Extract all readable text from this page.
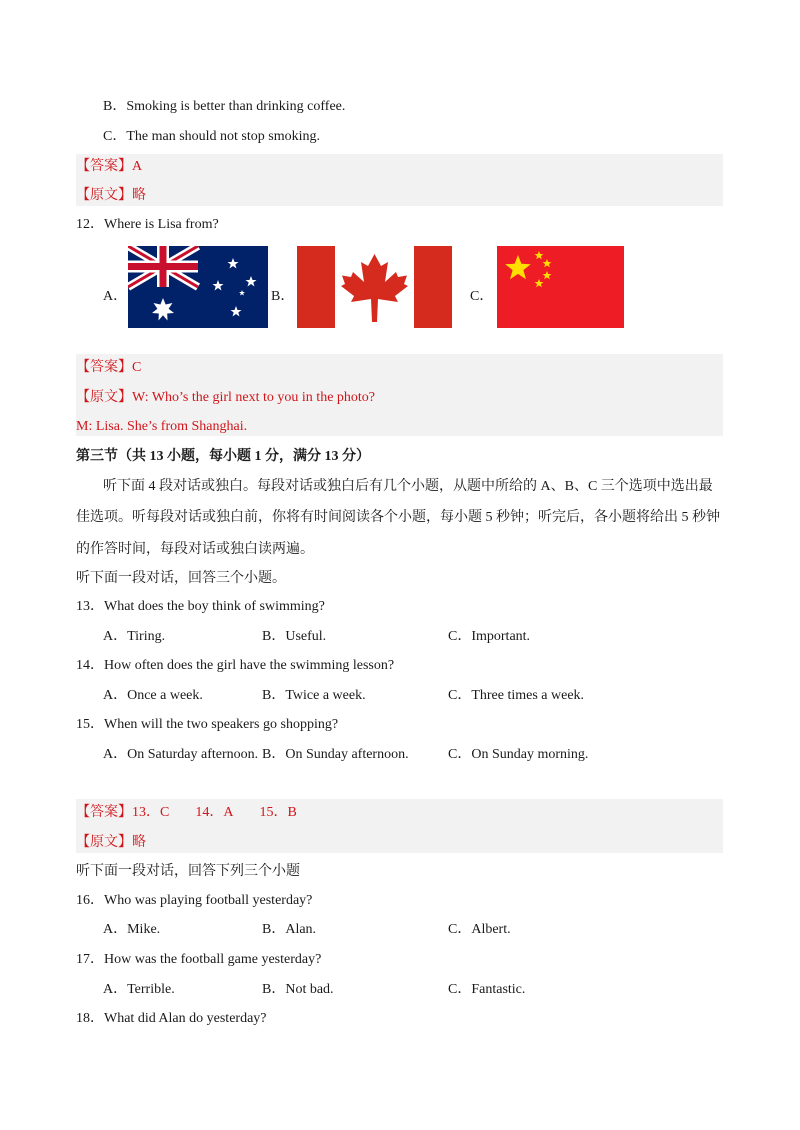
B．Smoking is better than drinking coffee.
C．The man should not stop smoking.
【答案】A
【原文】略
12．Where is Lisa from?
A．	B．	C．
【答案】C
【原文】W: Who’s the girl next to you in the photo?
M: Lisa. She’s from Shanghai.
第三节（共 13 小题，每小题 1 分，满分 13 分）
听下面 4 段对话或独白。每段对话或独白后有几个小题，从题中所给的 A、B、C 三个选项中选出最
佳选项。听每段对话或独白前，你将有时间阅读各个小题，每小题 5 秒钟；听完后，各小题将给出 5 秒钟
的作答时间，每段对话或独白读两遍。
听下面一段对话，回答三个小题。
13．What does the boy think of swimming?
A．Tiring.	B．Useful.	C．Important.
14．How often does the girl have the swimming lesson?
A．Once a week.	B．Twice a week.	C．Three times a week.
15．When will the two speakers go shopping?
A．On Saturday afternoon. B．On Sunday afternoon.	C．On Sunday morning.
【答案】13．C 14．A 15．B
【原文】略
听下面一段对话，回答下列三个小题
16．Who was playing football yesterday?
A．Mike.	B．Alan.	C．Albert.
17．How was the football game yesterday?
A．Terrible.	B．Not bad.	C．Fantastic.
18．What did Alan do yesterday?
